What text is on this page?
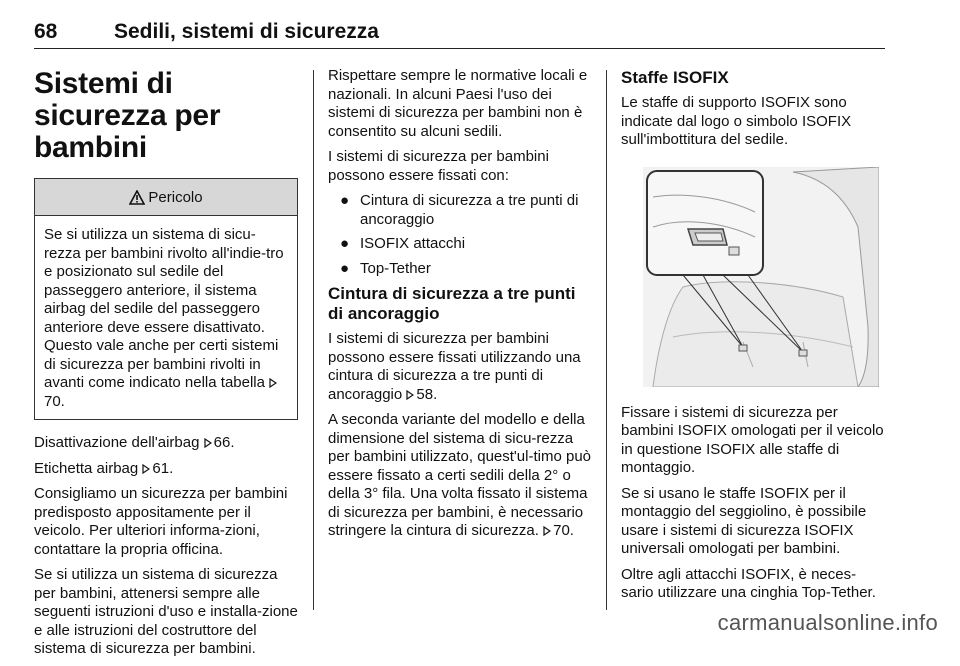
68	Sedili, sistemi di sicurezza
Sistemi di sicurezza per bambini
Pericolo

Se si utilizza un sistema di sicu-rezza per bambini rivolto all'indie-tro e posizionato sul sedile del passeggero anteriore, il sistema airbag del sedile del passeggero anteriore deve essere disattivato. Questo vale anche per certi sistemi di sicurezza per bambini rivolti in avanti come indicato nella tabella 70.

Disattivazione dell'airbag 66.

Etichetta airbag 61.

Consigliamo un sicurezza per bambini predisposto appositamente per il veicolo. Per ulteriori informa-zioni, contattare la propria officina.

Se si utilizza un sistema di sicurezza per bambini, attenersi sempre alle seguenti istruzioni d'uso e installa-zione e alle istruzioni del costruttore del sistema di sicurezza per bambini.

Rispettare sempre le normative locali e nazionali. In alcuni Paesi l'uso dei sistemi di sicurezza per bambini non è consentito su alcuni sedili.

I sistemi di sicurezza per bambini possono essere fissati con:

● Cintura di sicurezza a tre punti di ancoraggio
● ISOFIX attacchi
● Top-Tether
Cintura di sicurezza a tre punti di ancoraggio

I sistemi di sicurezza per bambini possono essere fissati utilizzando una cintura di sicurezza a tre punti di ancoraggio 58.

A seconda variante del modello e della dimensione del sistema di sicu-rezza per bambini utilizzato, quest'ul-timo può essere fissato a certi sedili della 2° o della 3° fila. Una volta fissato il sistema di sicurezza per bambini, è necessario stringere la cintura di sicurezza. 70.

Staffe ISOFIX

Le staffe di supporto ISOFIX sono indicate dal logo o simbolo ISOFIX sull'imbottitura del sedile.

Fissare i sistemi di sicurezza per bambini ISOFIX omologati per il veicolo in questione ISOFIX alle staffe di montaggio.

Se si usano le staffe ISOFIX per il montaggio del seggiolino, è possibile usare i sistemi di sicurezza ISOFIX universali omologati per bambini.

Oltre agli attacchi ISOFIX, è neces-sario utilizzare una cinghia Top-Tether.

carmanualsonline.info
